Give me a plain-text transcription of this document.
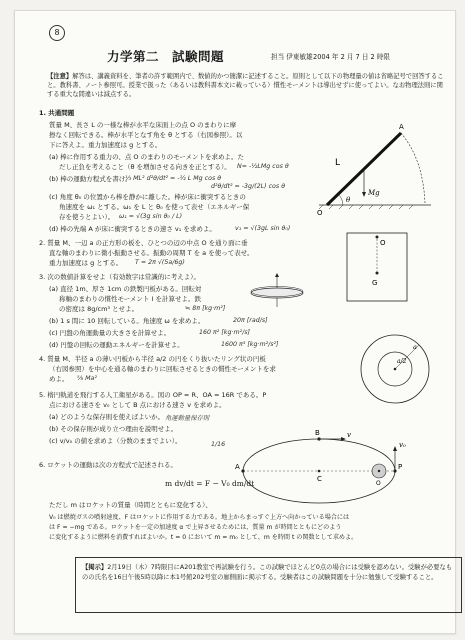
8
力学第二　試験問題	担当 伊東敏雄 2004 年 2 月 7 日 2 時限
【注意】解答は、講義資料を、筆者の許す範囲内で、数値的かつ簡潔に記述すること。原則として以下の物理量の値は省略記号で回答すること。教科書、ノート参照可。授業で扱った（あるいは教科書本文に載っている）慣性モーメントは導出せずに使ってよい。なお物理法則に関する重大な間違いは減点する。
1. 共通問題
質量 M、長さ L の一様な棒が水平な床面上の点 O のまわりに摩
擦なく回転できる。棒が水平となす角を θ とする（右図参照）。以
下に答えよ。重力加速度は g とする。
(a) 棒に作用する重力の、点 O のまわりのモーメントを求めよ。た
だし正負を考えること（θ を増加させる向きを正とする）。 N= -½LMg cos θ
(b) 棒の運動方程式を書け。
⅓ ML² d²θ/dt² = -½ L Mg cos θ
d²θ/dt² = -3g/(2L) cos θ
(c) 角度 θ₀ の位置から棒を静かに離した。棒が床に衝突するときの
角速度を ω₁ とする。ω₁ を L と θ₀ を使って表せ（エネルギー保
存を使うとよい）。 ω₁ = √(3g sin θ₀ / L)
(d) 棒の先端 A が床に衝突するときの速さ v₁ を求めよ。	v₁ = √(3gL sin θ₀)
A
O
θ
Mg
L
2. 質量 M、一辺 a の正方形の板を、ひとつの辺の中点 O を通り面に垂
直な軸のまわりに微小振動させる。振動の周期 T を a を使って表せ。
重力加速度は g とする。 T = 2π √(5a/6g)
O
G
3. 次の数値計算をせよ（有効数字は常識的に考えよ）。
(a) 直径 1m、厚さ 1cm の鉄製円板がある。回転対
称軸のまわりの慣性モーメント I を計算せよ。鉄
の密度は 8g/cm³ とせよ。	≒ 8π [kg·m²]
(b) 1 s 間に 10 回転している。角速度 ω を求めよ。	20π [rad/s]
(c) 円盤の角運動量の大きさを計算せよ。	160 π² [kg·m²/s]
(d) 円盤の回転の運動エネルギーを計算せよ。	1600 π³ [kg·m²/s²]	a
a/2
4. 質量 M、半径 a の薄い円板から半径 a/2 の円をくり抜いたリング状の円板
（右図参照）を中心を通る軸のまわりに回転させるときの慣性モーメントを求
めよ。 ⅝ Ma²
5. 楕円軌道を飛行する人工衛星がある。図の OP = R、OA = 16R である。P
点における速さを v₀ として B 点における速さ v を求めよ。
(a) どのような保存則を使えばよいか。 角運動量保存則
(b) その保存則が成り立つ理由を説明せよ。
(c) v/v₀ の値を求めよ（分数のままでよい）。	1/16
A
B
C
O
P
v
v₀
6. ロケットの運動は次の方程式で記述される。
m dv/dt = F − V₀ dm/dt
ただし m はロケットの質量（時間とともに変化する）、
V₀ は燃焼ガスの噴射速度、F はロケットに作用する力である。地上からまっすぐ上方へ向かっている場合には
は F = −mg である。ロケットを一定の加速度 α で上昇させるためには、質量 m が時間とともにどのよう
に変化するように燃料を消費すればよいか。t = 0 において m = m₀ として、m を時間 t の関数として求めよ。
【掲示】2月19日（木）7時限目にA201教室で再試験を行う。この試験でほとんど0点の場合には受験を認めない。受験が必要なものの氏名を16日午後5時以降に本1号館202号室の廊側面に掲示する。受験者はこの試験問題を十分に勉強して受験すること。
